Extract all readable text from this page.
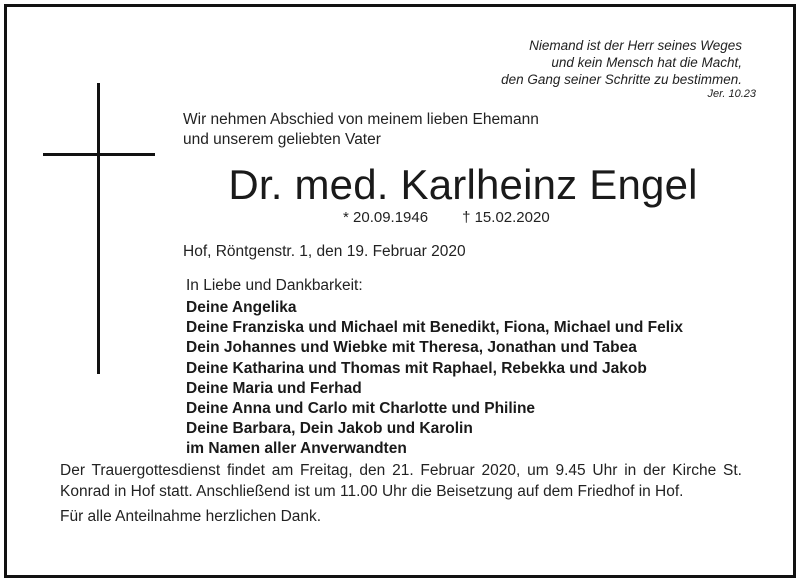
Niemand ist der Herr seines Weges
und kein Mensch hat die Macht,
den Gang seiner Schritte zu bestimmen.
Jer. 10.23
Wir nehmen Abschied von meinem lieben Ehemann und unserem geliebten Vater
Dr. med. Karlheinz Engel
* 20.09.1946 † 15.02.2020
Hof, Röntgenstr. 1, den 19. Februar 2020
In Liebe und Dankbarkeit:
Deine Angelika
Deine Franziska und Michael mit Benedikt, Fiona, Michael und Felix
Dein Johannes und Wiebke mit Theresa, Jonathan und Tabea
Deine Katharina und Thomas mit Raphael, Rebekka und Jakob
Deine Maria und Ferhad
Deine Anna und Carlo mit Charlotte und Philine
Deine Barbara, Dein Jakob und Karolin
im Namen aller Anverwandten

Der Trauergottesdienst findet am Freitag, den 21. Februar 2020, um 9.45 Uhr in der Kirche St. Konrad in Hof statt. Anschließend ist um 11.00 Uhr die Beisetzung auf dem Friedhof in Hof.

Für alle Anteilnahme herzlichen Dank.
